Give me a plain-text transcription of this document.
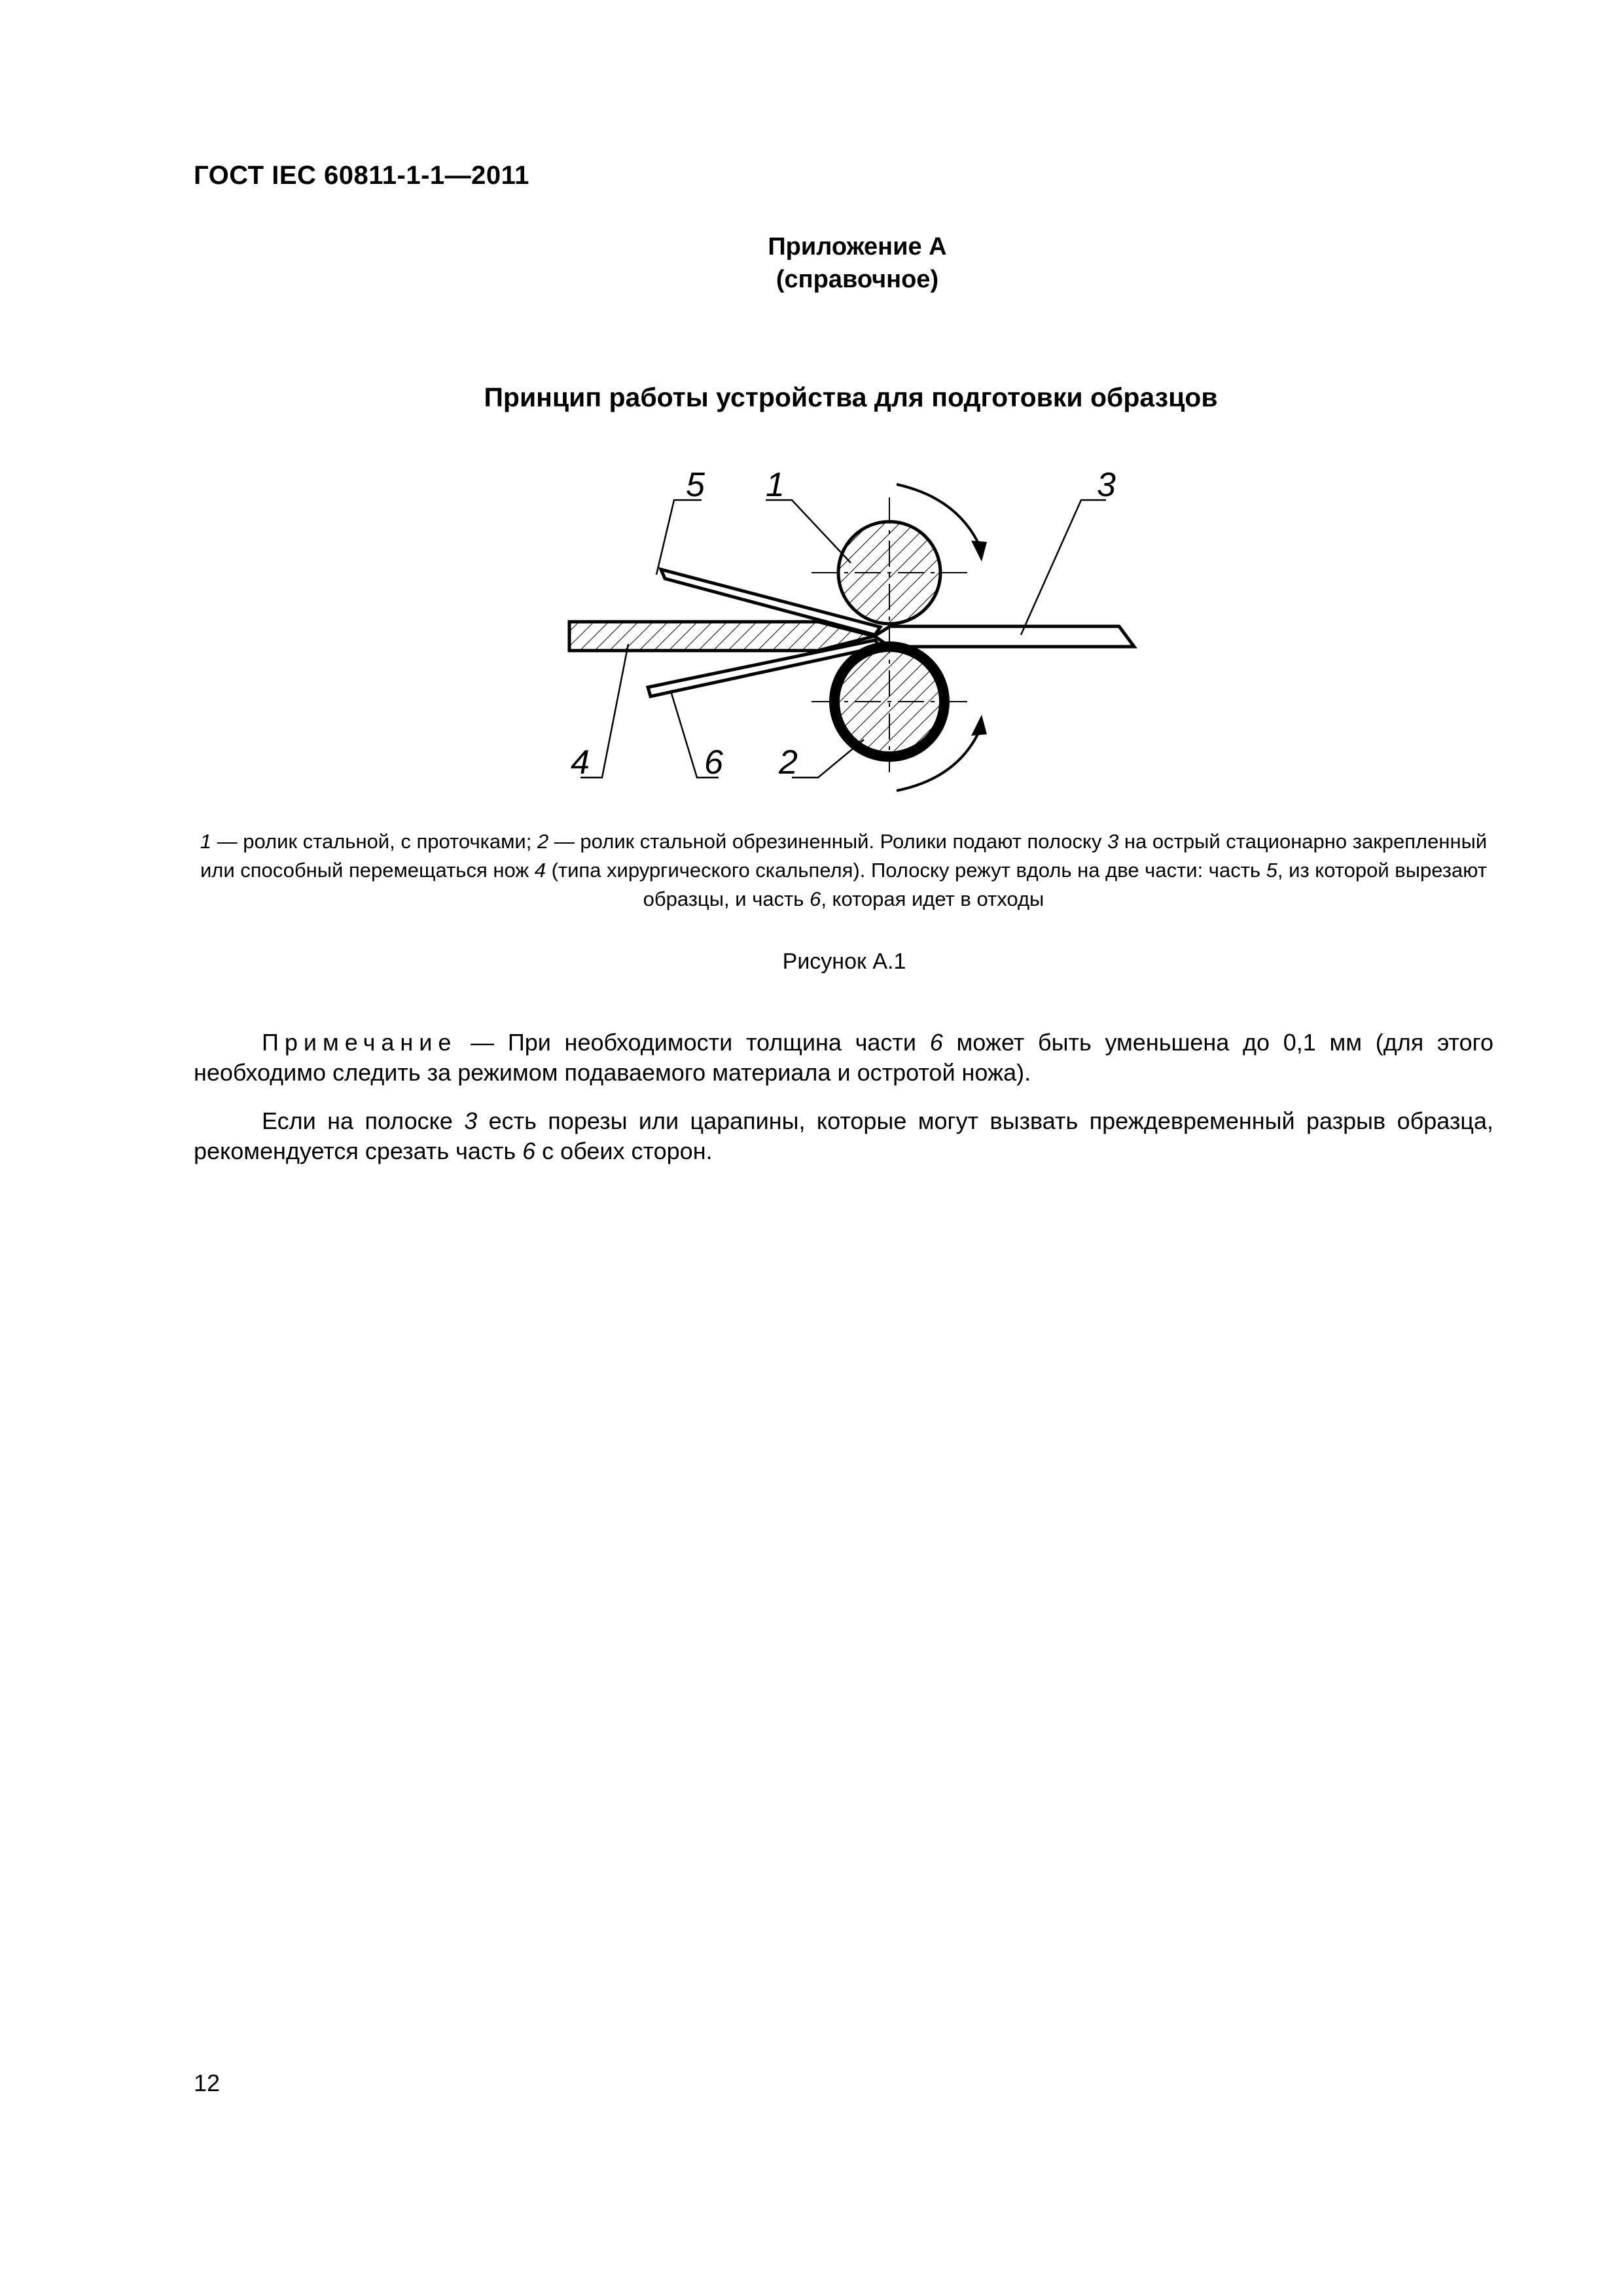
ГОСТ IEC 60811-1-1—2011
Приложение А
(справочное)
Принцип работы устройства для подготовки образцов
5 1	3
4	6 2
1 — ролик стальной, с проточками; 2 — ролик стальной обрезиненный. Ролики подают полоску 3 на острый стационарно закрепленный или способный перемещаться нож 4 (типа хирургического скальпеля). Полоску режут вдоль на две части: часть 5, из которой вырезают образцы, и часть 6, которая идет в отходы
Рисунок А.1
Примечание — При необходимости толщина части 6 может быть уменьшена до 0,1 мм (для этого необходимо следить за режимом подаваемого материала и остротой ножа).
Если на полоске 3 есть порезы или царапины, которые могут вызвать преждевременный разрыв образца, рекомендуется срезать часть 6 с обеих сторон.
12
